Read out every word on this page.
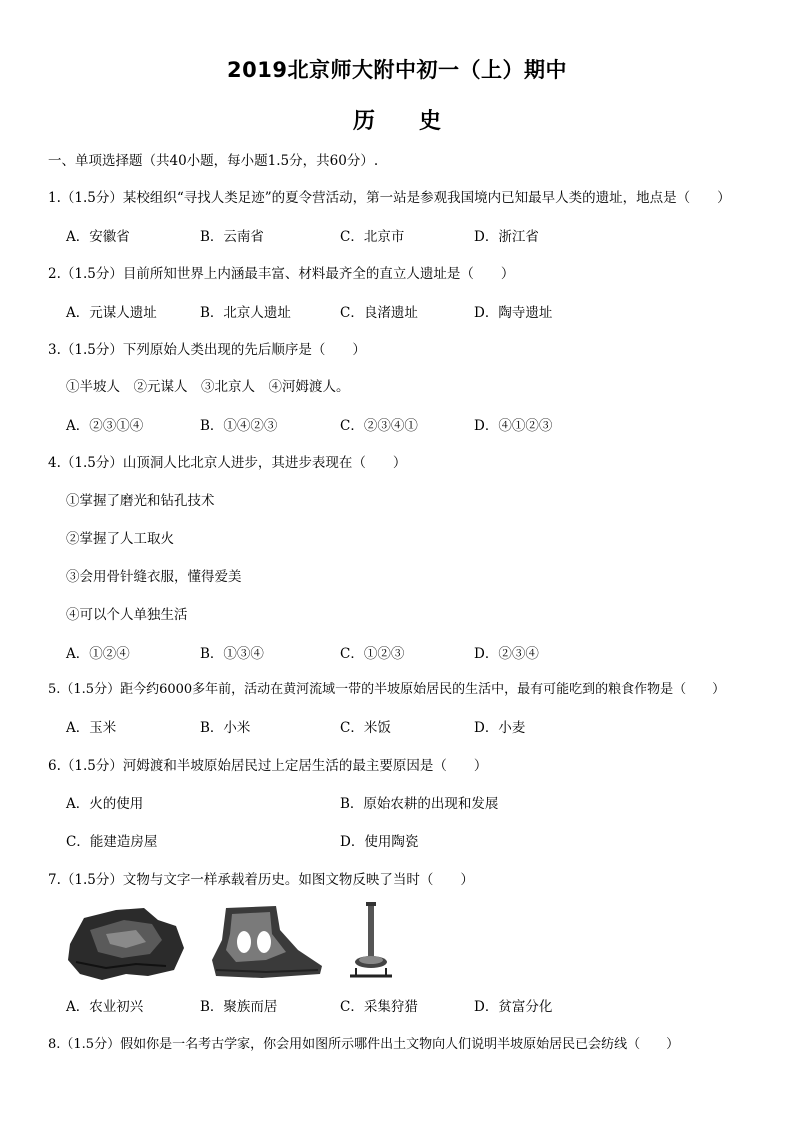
2019北京师大附中初一（上）期中
历 史
一、单项选择题（共40小题，每小题1.5分，共60分）.
1.（1.5分）某校组织“寻找人类足迹”的夏令营活动，第一站是参观我国境内已知最早人类的遗址，地点是（　　）
A．安徽省	B．云南省	C．北京市	D．浙江省
2.（1.5分）目前所知世界上内涵最丰富、材料最齐全的直立人遗址是（　　）
A．元谋人遗址	B．北京人遗址	C．良渚遗址	D．陶寺遗址
3.（1.5分）下列原始人类出现的先后顺序是（　　）
①半坡人　②元谋人　③北京人　④河姆渡人。
A．②③①④	B．①④②③	C．②③④①	D．④①②③
4.（1.5分）山顶洞人比北京人进步，其进步表现在（　　）
①掌握了磨光和钻孔技术
②掌握了人工取火
③会用骨针缝衣服，懂得爱美
④可以个人单独生活
A．①②④	B．①③④	C．①②③	D．②③④
5.（1.5分）距今约6000多年前，活动在黄河流域一带的半坡原始居民的生活中，最有可能吃到的粮食作物是（　　）
A．玉米	B．小米	C．米饭	D．小麦
6.（1.5分）河姆渡和半坡原始居民过上定居生活的最主要原因是（　　）
A．火的使用	B．原始农耕的出现和发展
C．能建造房屋	D．使用陶瓷
7.（1.5分）文物与文字一样承载着历史。如图文物反映了当时（　　）
A．农业初兴	B．聚族而居	C．采集狩猎	D．贫富分化
8.（1.5分）假如你是一名考古学家，你会用如图所示哪件出土文物向人们说明半坡原始居民已会纺线（　　）
